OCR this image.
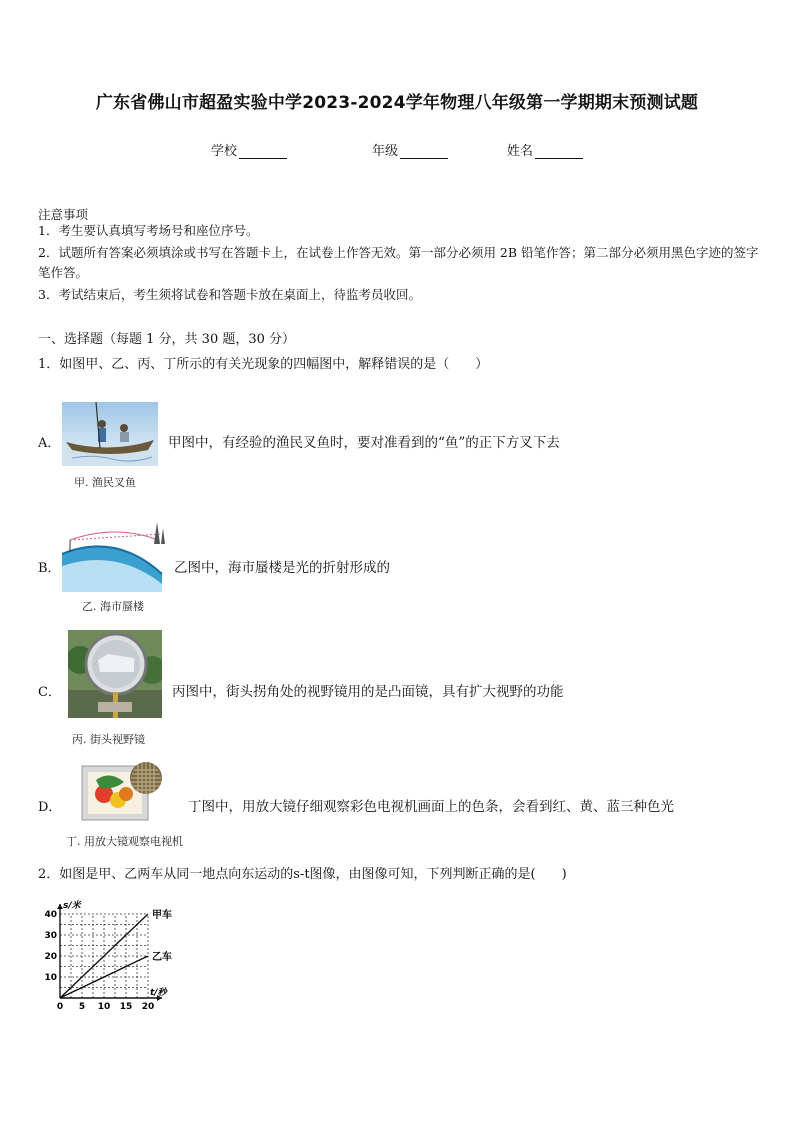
广东省佛山市超盈实验中学2023-2024学年物理八年级第一学期期末预测试题
学校	年级	姓名
注意事项
1．考生要认真填写考场号和座位序号。
2．试题所有答案必须填涂或书写在答题卡上，在试卷上作答无效。第一部分必须用 2B 铅笔作答；第二部分必须用黑色字迹的签字笔作答。
3．考试结束后，考生须将试卷和答题卡放在桌面上，待监考员收回。
一、选择题（每题 1 分，共 30 题，30 分）
1．如图甲、乙、丙、丁所示的有关光现象的四幅图中，解释错误的是（　　）
A．	甲图中，有经验的渔民叉鱼时，要对准看到的“鱼”的正下方叉下去
甲. 渔民叉鱼
B．	乙图中，海市蜃楼是光的折射形成的
乙. 海市蜃楼
C．	丙图中，街头拐角处的视野镜用的是凸面镜，具有扩大视野的功能
丙. 街头视野镜
D．	丁图中，用放大镜仔细观察彩色电视机画面上的色条，会看到红、黄、蓝三种色光
丁. 用放大镜观察电视机
2．如图是甲、乙两车从同一地点向东运动的s-t图像，由图像可知，下列判断正确的是(　　)
s/米
t/秒
0 5 10 15 20
10
20
30
40	甲车
乙车
